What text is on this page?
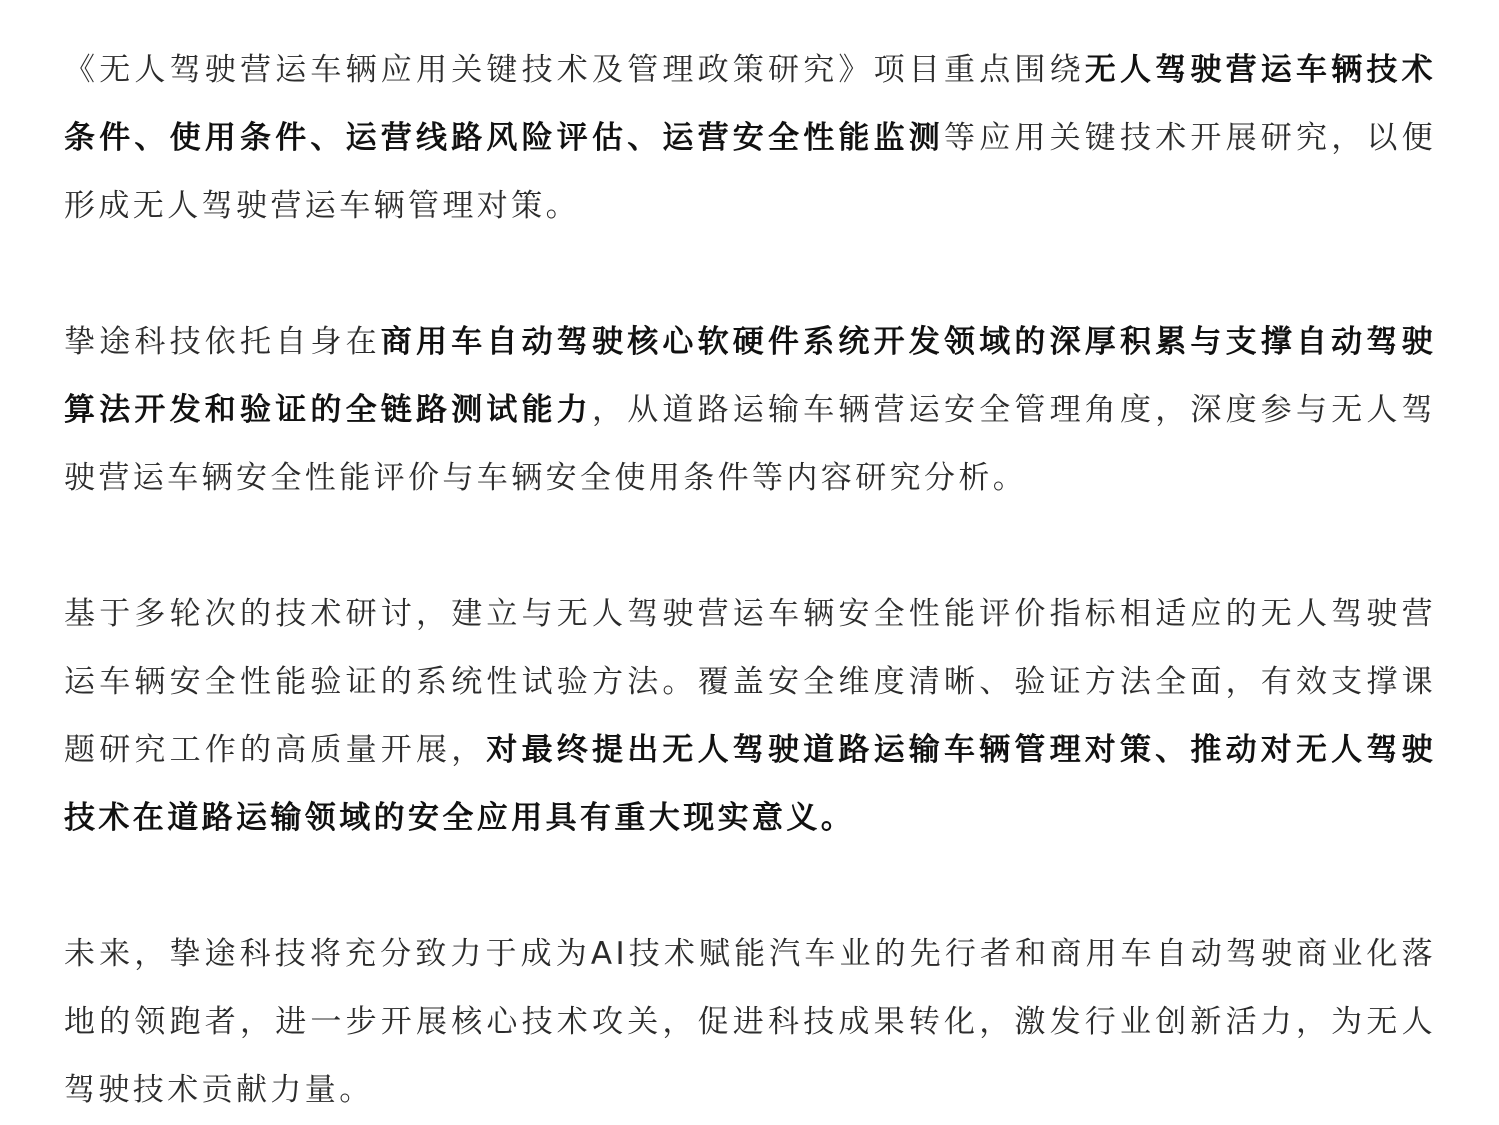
《无人驾驶营运车辆应用关键技术及管理政策研究》项目重点围绕无人驾驶营运车辆技术条件、使用条件、运营线路风险评估、运营安全性能监测等应用关键技术开展研究，以便形成无人驾驶营运车辆管理对策。

挚途科技依托自身在商用车自动驾驶核心软硬件系统开发领域的深厚积累与支撑自动驾驶算法开发和验证的全链路测试能力，从道路运输车辆营运安全管理角度，深度参与无人驾驶营运车辆安全性能评价与车辆安全使用条件等内容研究分析。

基于多轮次的技术研讨，建立与无人驾驶营运车辆安全性能评价指标相适应的无人驾驶营运车辆安全性能验证的系统性试验方法。覆盖安全维度清晰、验证方法全面，有效支撑课题研究工作的高质量开展，对最终提出无人驾驶道路运输车辆管理对策、推动对无人驾驶技术在道路运输领域的安全应用具有重大现实意义。

未来，挚途科技将充分致力于成为AI技术赋能汽车业的先行者和商用车自动驾驶商业化落地的领跑者，进一步开展核心技术攻关，促进科技成果转化，激发行业创新活力，为无人驾驶技术贡献力量。
